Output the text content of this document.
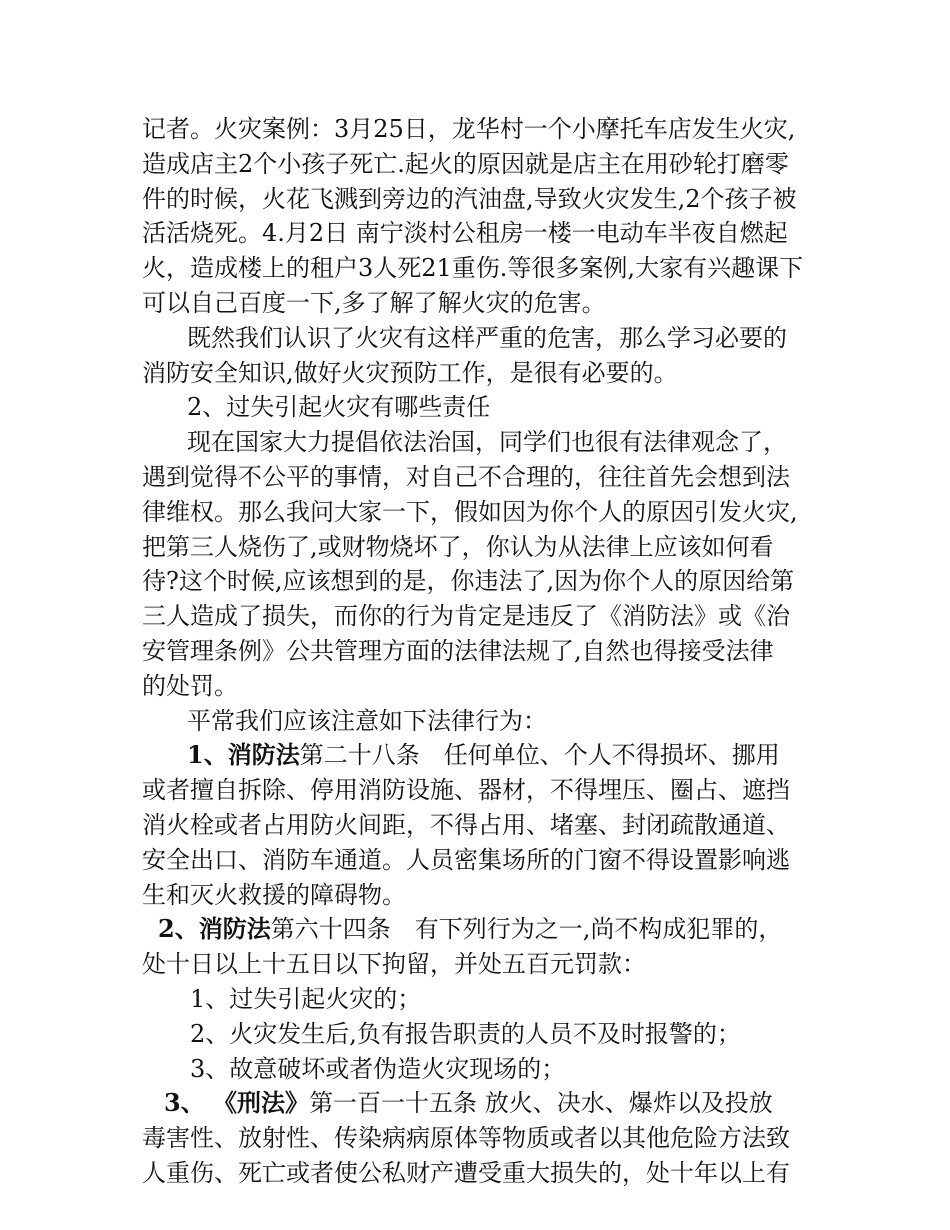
记者。火灾案例：3月25日，龙华村一个小摩托车店发生火灾,
造成店主2个小孩子死亡.起火的原因就是店主在用砂轮打磨零
件的时候，火花飞溅到旁边的汽油盘,导致火灾发生,2个孩子被
活活烧死。4.月2日 南宁淡村公租房一楼一电动车半夜自燃起
火，造成楼上的租户3人死21重伤.等很多案例,大家有兴趣课下
可以自己百度一下,多了解了解火灾的危害。
既然我们认识了火灾有这样严重的危害，那么学习必要的
消防安全知识,做好火灾预防工作，是很有必要的。
2、过失引起火灾有哪些责任
现在国家大力提倡依法治国，同学们也很有法律观念了，
遇到觉得不公平的事情，对自己不合理的，往往首先会想到法
律维权。那么我问大家一下，假如因为你个人的原因引发火灾,
把第三人烧伤了,或财物烧坏了，你认为从法律上应该如何看
待?这个时候,应该想到的是，你违法了,因为你个人的原因给第
三人造成了损失，而你的行为肯定是违反了《消防法》或《治
安管理条例》公共管理方面的法律法规了,自然也得接受法律
的处罚。
平常我们应该注意如下法律行为：
1、消防法第二十八条　任何单位、个人不得损坏、挪用
或者擅自拆除、停用消防设施、器材，不得埋压、圈占、遮挡
消火栓或者占用防火间距，不得占用、堵塞、封闭疏散通道、
安全出口、消防车通道。人员密集场所的门窗不得设置影响逃
生和灭火救援的障碍物。
2、消防法第六十四条　有下列行为之一,尚不构成犯罪的，
处十日以上十五日以下拘留，并处五百元罚款：
1、过失引起火灾的；
2、火灾发生后,负有报告职责的人员不及时报警的；
3、故意破坏或者伪造火灾现场的；
3、 《刑法》第一百一十五条 放火、决水、爆炸以及投放
毒害性、放射性、传染病病原体等物质或者以其他危险方法致
人重伤、死亡或者使公私财产遭受重大损失的，处十年以上有
